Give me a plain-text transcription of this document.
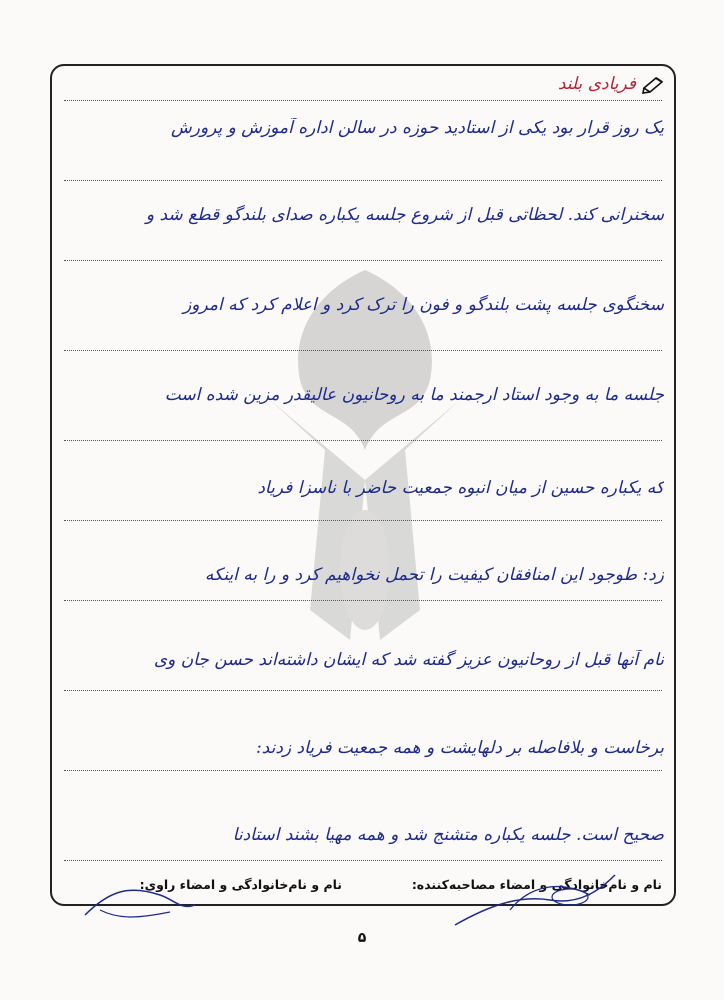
فریادی بلند
یک روز قرار بود یکی از استادید حوزه در سالن اداره آموزش و پرورش
سخنرانی کند. لحظاتی قبل از شروع جلسه یکباره صدای بلندگو قطع شد و
سخنگوی جلسه پشت بلندگو و فون را ترک کرد و اعلام کرد که امروز
جلسه ما به وجود استاد ارجمند ما به روحانیون عالیقدر مزین شده است
که یکباره حسین از میان انبوه جمعیت حاضر با ناسزا فریاد
زد: طوجود این امنافقان کیفیت را تحمل نخواهیم کرد و را به اینکه
نام آنها قبل از روحانیون عزیز گفته شد که ایشان داشته‌اند حسن جان وی
برخاست و بلافاصله بر دلهایشت و همه جمعیت فریاد زدند:
صحیح است. جلسه یکباره متشنج شد و همه مهیا بشند استادنا
نام و نام‌خانوادگی و امضاء مصاحبه‌کننده:
نام و نام‌خانوادگی و امضاء راوی:
۵
